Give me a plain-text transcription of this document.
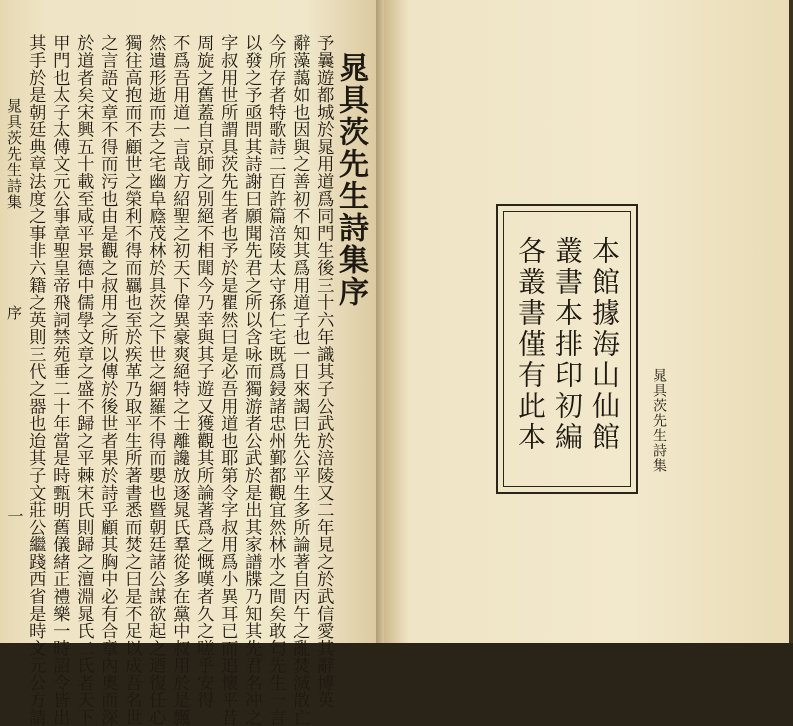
晁具茨先生詩集序
予曩遊都城於晁用道爲同門生後三十六年識其子公武於涪陵又二年見之於武信愛其辭博英
辭藻藹如也因與之善初不知其爲用道子也一日來謁曰先公平生多所論著自丙午之亂焚滅散亡
今所存者特歌詩二百許篇涪陵太守孫仁宅既爲鋟諸忠州鄞都觀宜然林水之間矣敢匄先生一言
以發之予亟問其詩謝曰願聞先君之所以含咏而獨游者公武於是出其家譜牒乃知其先君名冲之
字叔用世所謂具茨先生者也予於是瞿然曰是必吾用道也耶第令字叔用爲小異耳已而追懷平昔
周旋之舊蓋自京師之別絕不相聞今乃幸與其子遊又獲觀其所論著爲之慨嘆者久之嗟乎安得
不爲吾用道一言哉方紹聖之初天下偉異豪爽絕特之士離讒放逐晁氏羣從多在黨中叔用於是飄
然遺形逝而去之宅幽阜廕茂林於具茨之下世之網羅不得而嬰也暨朝廷諸公謀欲起之迺復任心
獨往高抱而不顧世之榮利不得而羈也至於疾革乃取平生所著書悉而焚之曰是不足以成吾名世
之言語文章不得而污也由是觀之叔用之所以傳於後世者果於詩乎顧其胸中必有合章內奧而深
於道者矣宋興五十載至咸平景德中儒學文章之盛不歸之平棘宋氏則歸之澶淵晁氏二氏者天下
甲門也太子太傅文元公事章聖皇帝飛詞禁苑垂二十年當是時甄明舊儀緒正禮樂一時詔令皆出
其手於是朝廷典章法度之事非六籍之英則三代之器也迨其子文莊公繼踐西省是時文元公方請
晁具茨先生詩集
序
一
本館據海山仙館
叢書本排印初編
各叢書僅有此本	晁具茨先生詩集
